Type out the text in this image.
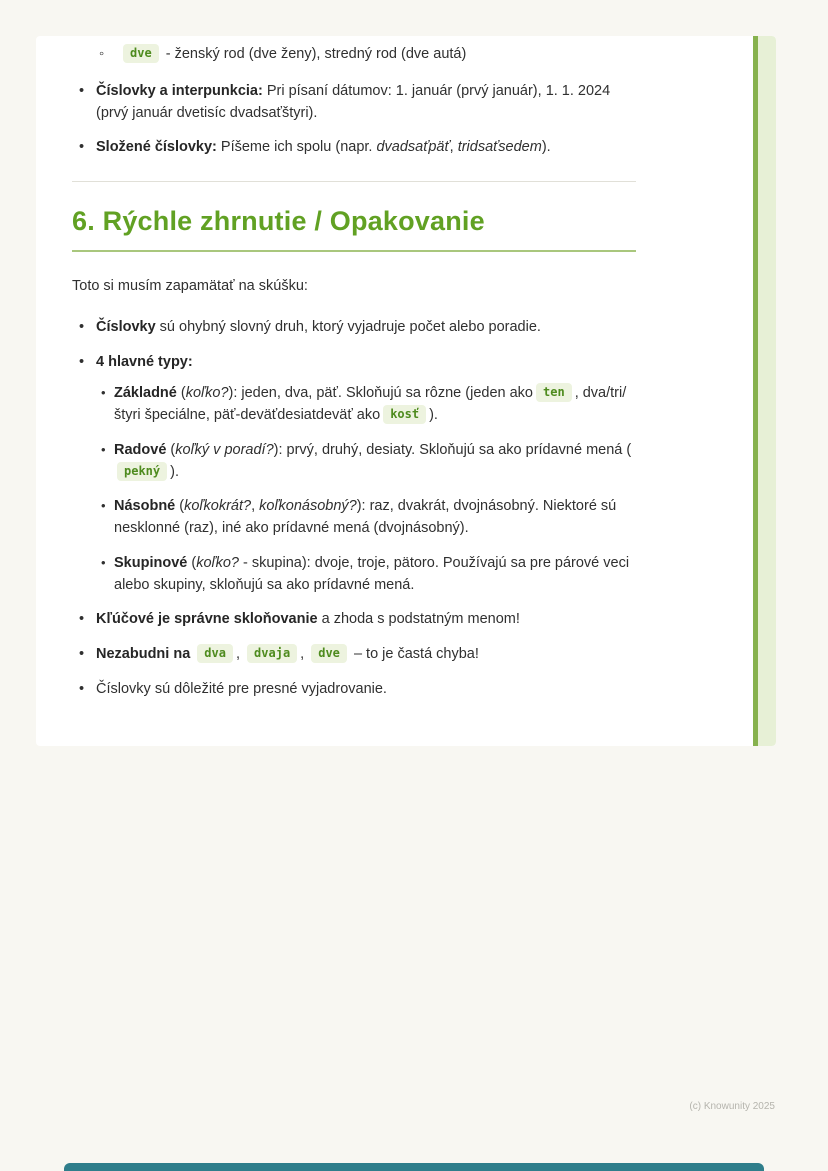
◦ dve - ženský rod (dve ženy), stredný rod (dve autá)
• Číslovky a interpunkcia: Pri písaní dátumov: 1. január (prvý január), 1. 1. 2024 (prvý január dvetisíc dvadsaťštyri).
• Složené číslovky: Píšeme ich spolu (napr. dvadsaťpäť, tridsaťsedem).
6. Rýchle zhrnutie / Opakovanie

Toto si musím zapamätať na skúšku:

• Číslovky sú ohybný slovný druh, ktorý vyjadruje počet alebo poradie.
• 4 hlavné typy:
• Základné (koľko?): jeden, dva, päť. Skloňujú sa rôzne (jeden ako ten , dva/tri/štyri špeciálne, päť-deväťdesiatdeväť ako kosť ).
• Radové (koľký v poradí?): prvý, druhý, desiaty. Skloňujú sa ako prídavné mená (pekný ).
• Násobné (koľkokrát?, koľkonásobný?): raz, dvakrát, dvojnásobný. Niektoré sú nesklonné (raz), iné ako prídavné mená (dvojnásobný).
• Skupinové (koľko? - skupina): dvoje, troje, pätoro. Používajú sa pre párové veci alebo skupiny, skloňujú sa ako prídavné mená.
• Kľúčové je správne skloňovanie a zhoda s podstatným menom!
• Nezabudni na dva , dvaja , dve – to je častá chyba!
• Číslovky sú dôležité pre presné vyjadrovanie.
(c) Knowunity 2025
